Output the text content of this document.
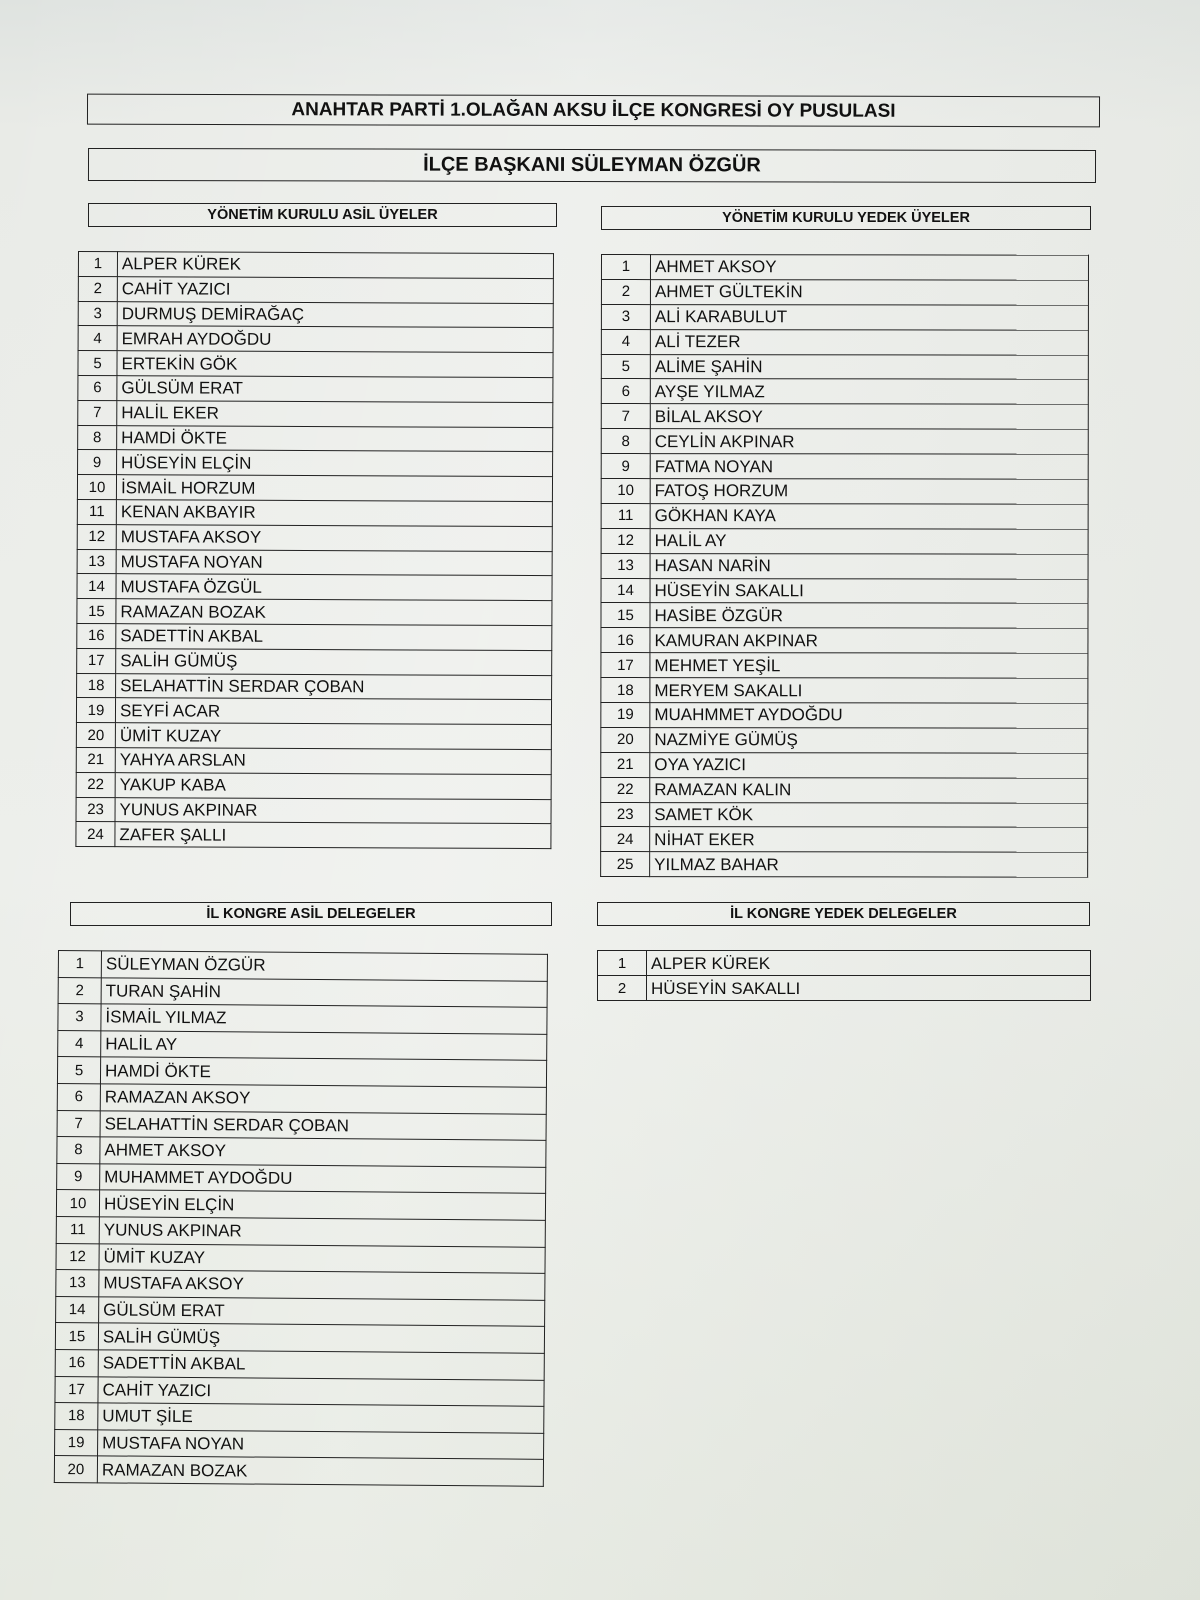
ANAHTAR PARTİ 1.OLAĞAN AKSU İLÇE KONGRESİ OY PUSULASI
İLÇE BAŞKANI SÜLEYMAN ÖZGÜR
YÖNETİM KURULU ASİL ÜYELER	YÖNETİM KURULU YEDEK ÜYELER
İL KONGRE ASİL DELEGELER	İL KONGRE YEDEK DELEGELER
1	ALPER KÜREK
2	CAHİT YAZICI
3	DURMUŞ DEMİRAĞAÇ
4	EMRAH AYDOĞDU
5	ERTEKİN GÖK
6	GÜLSÜM ERAT
7	HALİL EKER
8	HAMDİ ÖKTE
9	HÜSEYİN ELÇİN
10	İSMAİL HORZUM
11	KENAN AKBAYIR
12	MUSTAFA AKSOY
13	MUSTAFA NOYAN
14	MUSTAFA ÖZGÜL
15	RAMAZAN BOZAK
16	SADETTİN AKBAL
17	SALİH GÜMÜŞ
18	SELAHATTİN SERDAR ÇOBAN
19	SEYFİ ACAR
20	ÜMİT KUZAY
21	YAHYA ARSLAN
22	YAKUP KABA
23	YUNUS AKPINAR
24	ZAFER ŞALLI
1	AHMET AKSOY
2	AHMET GÜLTEKİN
3	ALİ KARABULUT
4	ALİ TEZER
5	ALİME ŞAHİN
6	AYŞE YILMAZ
7	BİLAL AKSOY
8	CEYLİN AKPINAR
9	FATMA NOYAN
10	FATOŞ HORZUM
11	GÖKHAN KAYA
12	HALİL AY
13	HASAN NARİN
14	HÜSEYİN SAKALLI
15	HASİBE ÖZGÜR
16	KAMURAN AKPINAR
17	MEHMET YEŞİL
18	MERYEM SAKALLI
19	MUAHMMET AYDOĞDU
20	NAZMİYE GÜMÜŞ
21	OYA YAZICI
22	RAMAZAN KALIN
23	SAMET KÖK
24	NİHAT EKER
25	YILMAZ BAHAR
1	SÜLEYMAN ÖZGÜR
2	TURAN ŞAHİN
3	İSMAİL YILMAZ
4	HALİL AY
5	HAMDİ ÖKTE
6	RAMAZAN AKSOY
7	SELAHATTİN SERDAR ÇOBAN
8	AHMET AKSOY
9	MUHAMMET AYDOĞDU
10	HÜSEYİN ELÇİN
11	YUNUS AKPINAR
12	ÜMİT KUZAY
13	MUSTAFA AKSOY
14	GÜLSÜM ERAT
15	SALİH GÜMÜŞ
16	SADETTİN AKBAL
17	CAHİT YAZICI
18	UMUT ŞİLE
19	MUSTAFA NOYAN
20	RAMAZAN BOZAK
1	ALPER KÜREK
2	HÜSEYİN SAKALLI
